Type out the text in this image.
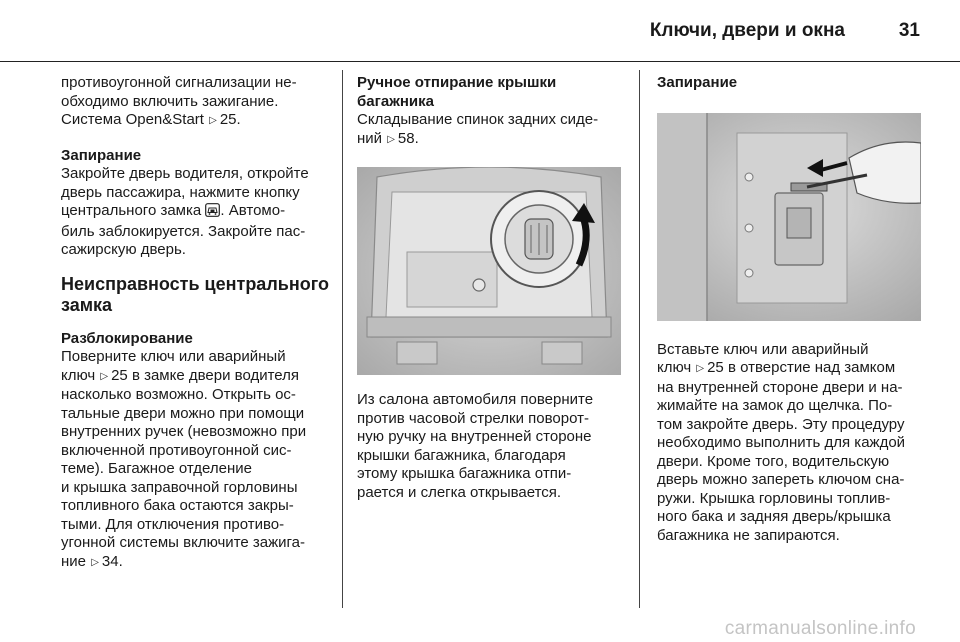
Ключи, двери и окна	31

противоугонной сигнализации не-
обходимо включить зажигание.
Система Open&Start ▷ 25.

Запирание

Закройте дверь водителя, откройте
дверь пассажира, нажмите кнопку
центрального замка . Автомо-
биль заблокируется. Закройте пас-
сажирскую дверь.

Неисправность центрального
замка

Разблокирование

Поверните ключ или аварийный
ключ ▷ 25 в замке двери водителя
насколько возможно. Открыть ос-
тальные двери можно при помощи
внутренних ручек (невозможно при
включенной противоугонной сис-
теме). Багажное отделение
и крышка заправочной горловины
топливного бака остаются закры-
тыми. Для отключения противо-
угонной системы включите зажига-
ние ▷ 34.

Ручное отпирание крышки
багажника

Складывание спинок задних сиде-
ний ▷ 58.

Из салона автомобиля поверните
против часовой стрелки поворот-
ную ручку на внутренней стороне
крышки багажника, благодаря
этому крышка багажника отпи-
рается и слегка открывается.

Запирание

Вставьте ключ или аварийный
ключ ▷ 25 в отверстие над замком
на внутренней стороне двери и на-
жимайте на замок до щелчка. По-
том закройте дверь. Эту процедуру
необходимо выполнить для каждой
двери. Кроме того, водительскую
дверь можно запереть ключом сна-
ружи. Крышка горловины топлив-
ного бака и задняя дверь/крышка
багажника не запираются.

carmanualsonline.info
